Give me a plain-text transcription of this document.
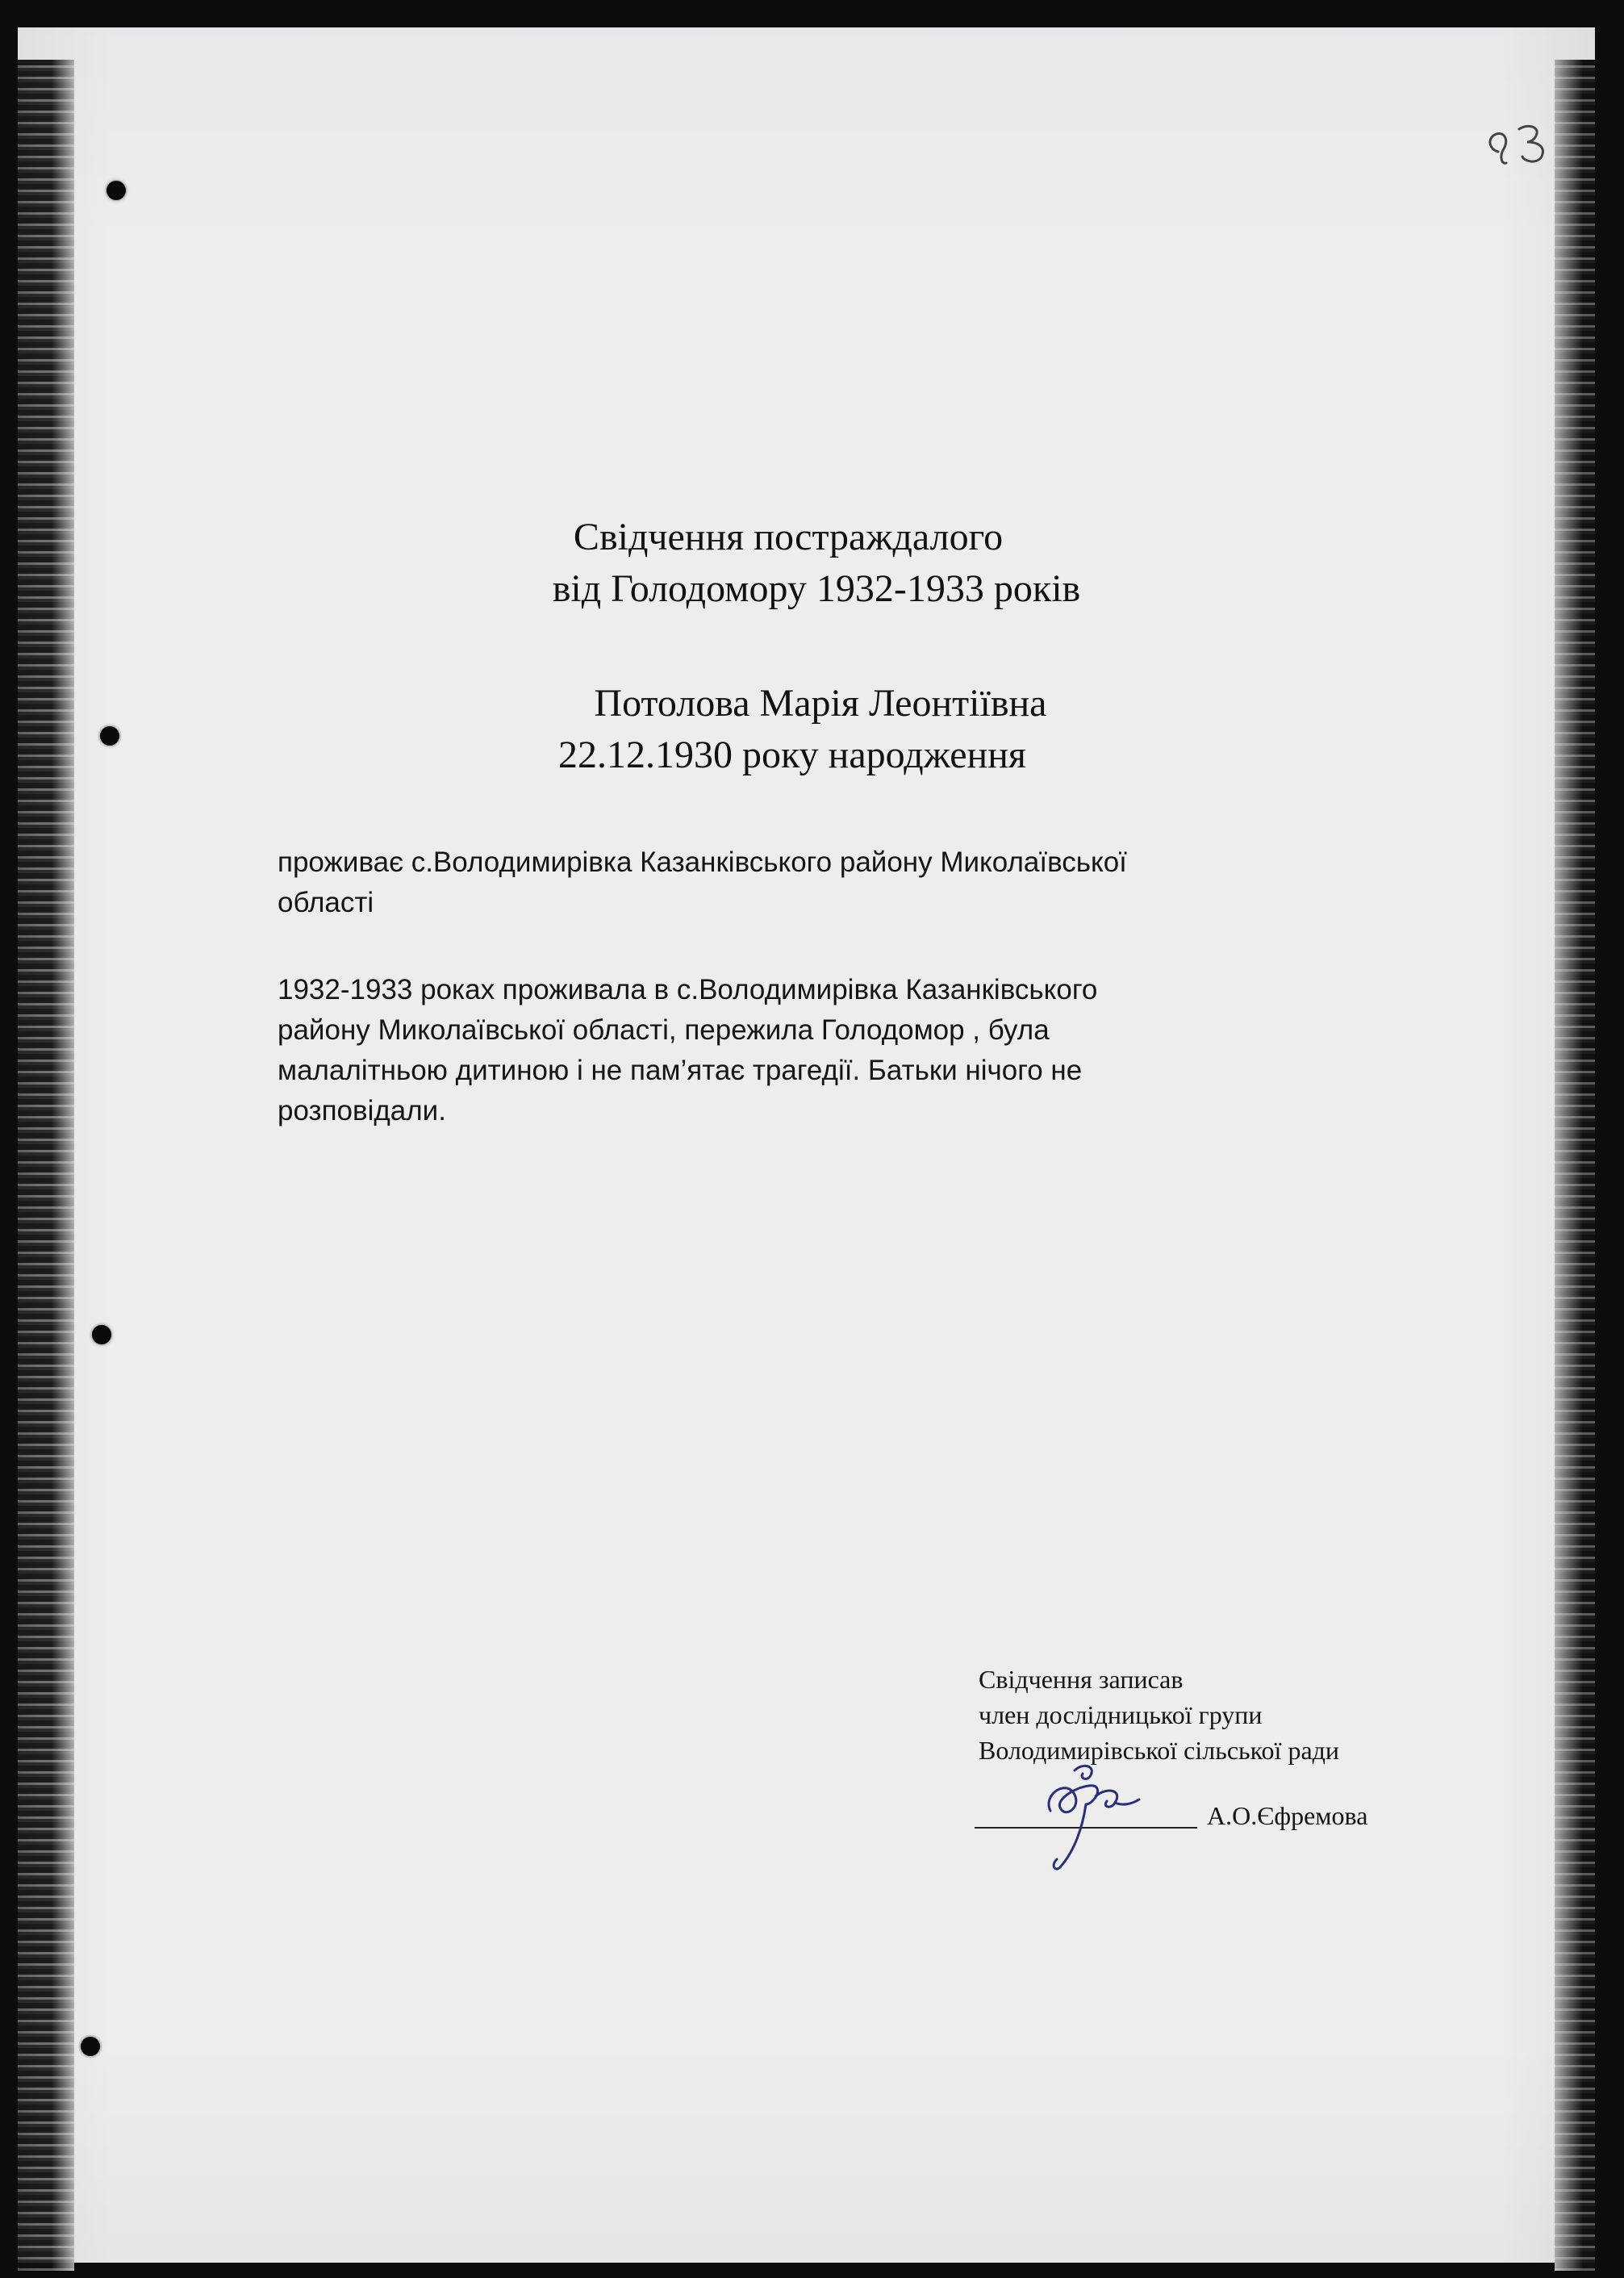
Свідчення постраждалого
від Голодомору 1932-1933 років
Потолова Марія Леонтіївна
22.12.1930 року народження
проживає с.Володимирівка Казанківського району Миколаївської
області
1932-1933 роках проживала в с.Володимирівка Казанківського
району Миколаївської області, пережила Голодомор , була
малалітньою дитиною і не пам’ятає трагедії. Батьки нічого не
розповідали.
Свідчення записав
член дослідницької групи
Володимирівської сільської ради
А.О.Єфремова
